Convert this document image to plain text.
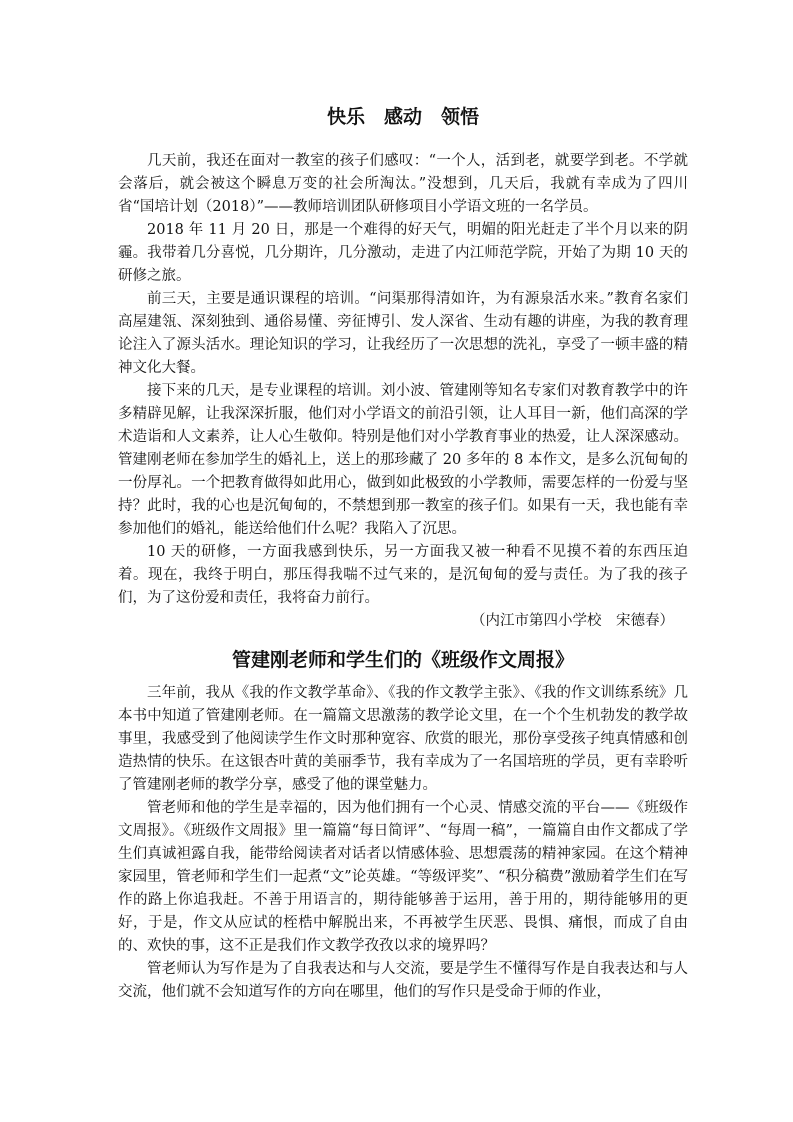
快乐　感动　领悟

几天前，我还在面对一教室的孩子们感叹：“一个人，活到老，就要学到老。不学就会落后，就会被这个瞬息万变的社会所淘汰。”没想到，几天后，我就有幸成为了四川省“国培计划（2018）”——教师培训团队研修项目小学语文班的一名学员。

2018 年 11 月 20 日，那是一个难得的好天气，明媚的阳光赶走了半个月以来的阴霾。我带着几分喜悦，几分期许，几分激动，走进了内江师范学院，开始了为期 10 天的研修之旅。

前三天，主要是通识课程的培训。“问渠那得清如许，为有源泉活水来。”教育名家们高屋建瓴、深刻独到、通俗易懂、旁征博引、发人深省、生动有趣的讲座，为我的教育理论注入了源头活水。理论知识的学习，让我经历了一次思想的洗礼，享受了一顿丰盛的精神文化大餐。

接下来的几天，是专业课程的培训。刘小波、管建刚等知名专家们对教育教学中的许多精辟见解，让我深深折服，他们对小学语文的前沿引领，让人耳目一新，他们高深的学术造诣和人文素养，让人心生敬仰。特别是他们对小学教育事业的热爱，让人深深感动。管建刚老师在参加学生的婚礼上，送上的那珍藏了 20 多年的 8 本作文，是多么沉甸甸的一份厚礼。一个把教育做得如此用心，做到如此极致的小学教师，需要怎样的一份爱与坚持？此时，我的心也是沉甸甸的，不禁想到那一教室的孩子们。如果有一天，我也能有幸参加他们的婚礼，能送给他们什么呢？我陷入了沉思。

10 天的研修，一方面我感到快乐，另一方面我又被一种看不见摸不着的东西压迫着。现在，我终于明白，那压得我喘不过气来的，是沉甸甸的爱与责任。为了我的孩子们，为了这份爱和责任，我将奋力前行。

（内江市第四小学校　宋德春）

管建刚老师和学生们的《班级作文周报》

三年前，我从《我的作文教学革命》、《我的作文教学主张》、《我的作文训练系统》几本书中知道了管建刚老师。在一篇篇文思激荡的教学论文里，在一个个生机勃发的教学故事里，我感受到了他阅读学生作文时那种宽容、欣赏的眼光，那份享受孩子纯真情感和创造热情的快乐。在这银杏叶黄的美丽季节，我有幸成为了一名国培班的学员，更有幸聆听了管建刚老师的教学分享，感受了他的课堂魅力。

管老师和他的学生是幸福的，因为他们拥有一个心灵、情感交流的平台——《班级作文周报》。《班级作文周报》里一篇篇“每日简评”、“每周一稿”，一篇篇自由作文都成了学生们真诚袒露自我，能带给阅读者对话者以情感体验、思想震荡的精神家园。在这个精神家园里，管老师和学生们一起煮“文”论英雄。“等级评奖”、“积分稿费”激励着学生们在写作的路上你追我赶。不善于用语言的，期待能够善于运用，善于用的，期待能够用的更好，于是，作文从应试的桎梏中解脱出来，不再被学生厌恶、畏惧、痛恨，而成了自由的、欢快的事，这不正是我们作文教学孜孜以求的境界吗？

管老师认为写作是为了自我表达和与人交流，要是学生不懂得写作是自我表达和与人交流，他们就不会知道写作的方向在哪里，他们的写作只是受命于师的作业，
